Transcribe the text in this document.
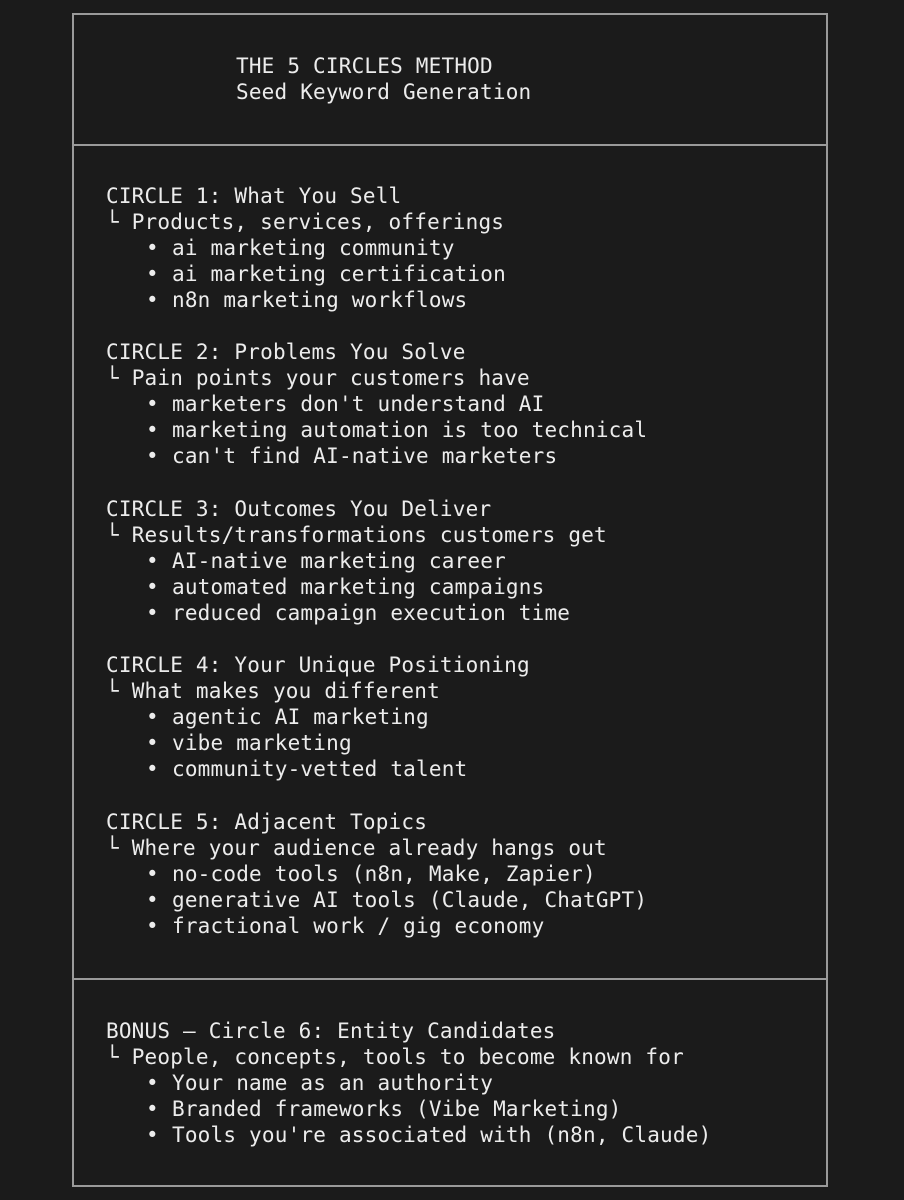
THE 5 CIRCLES METHOD
Seed Keyword Generation
CIRCLE 1: What You Sell
└ Products, services, offerings
• ai marketing community
• ai marketing certification
• n8n marketing workflows
CIRCLE 2: Problems You Solve
└ Pain points your customers have
• marketers don't understand AI
• marketing automation is too technical
• can't find AI-native marketers
CIRCLE 3: Outcomes You Deliver
└ Results/transformations customers get
• AI-native marketing career
• automated marketing campaigns
• reduced campaign execution time
CIRCLE 4: Your Unique Positioning
└ What makes you different
• agentic AI marketing
• vibe marketing
• community-vetted talent
CIRCLE 5: Adjacent Topics
└ Where your audience already hangs out
• no-code tools (n8n, Make, Zapier)
• generative AI tools (Claude, ChatGPT)
• fractional work / gig economy
BONUS – Circle 6: Entity Candidates
└ People, concepts, tools to become known for
• Your name as an authority
• Branded frameworks (Vibe Marketing)
• Tools you're associated with (n8n, Claude)
